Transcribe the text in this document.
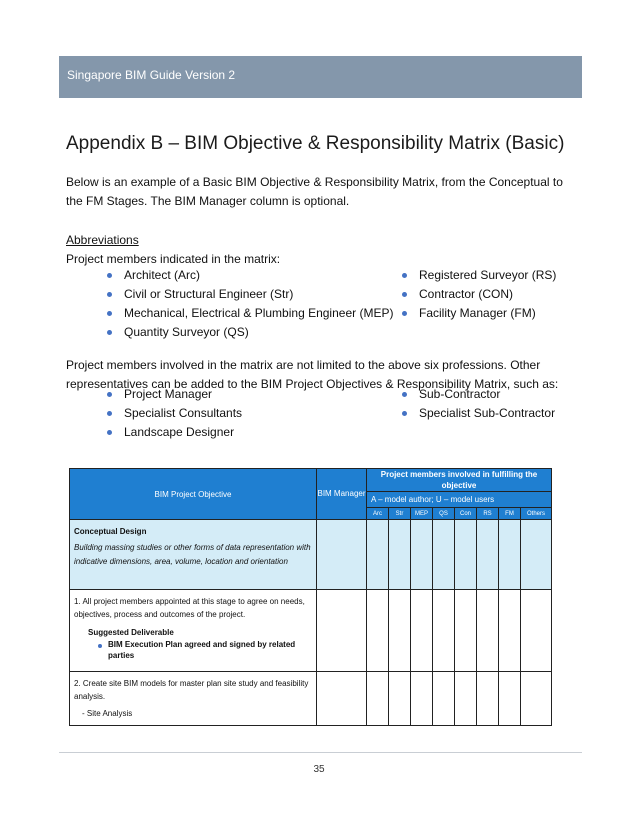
Singapore BIM Guide Version 2
Appendix B – BIM Objective & Responsibility Matrix (Basic)
Below is an example of a Basic BIM Objective & Responsibility Matrix, from the Conceptual to
the FM Stages. The BIM Manager column is optional.
Abbreviations
Project members indicated in the matrix:
Architect (Arc)
Civil or Structural Engineer (Str)
Mechanical, Electrical & Plumbing Engineer (MEP)
Quantity Surveyor (QS)
Registered Surveyor (RS)
Contractor (CON)
Facility Manager (FM)
Project members involved in the matrix are not limited to the above six professions. Other
representatives can be added to the BIM Project Objectives & Responsibility Matrix, such as:
Project Manager
Specialist Consultants
Landscape Designer
Sub-Contractor
Specialist Sub-Contractor
BIM Project Objective	BIM Manager	Project members involved in fulfilling the objective							
		A – model author; U – model users							
		Arc	Str	MEP	QS	Con	RS	FM	Others

Conceptual Design
Building massing studies or other forms of data representation with indicative dimensions, area, volume, location and orientation									

1. All project members appointed at this stage to agree on needs, objectives, process and outcomes of the project.
Suggested Deliverable
BIM Execution Plan agreed and signed by related parties									

2. Create site BIM models for master plan site study and feasibility analysis.
- Site Analysis									

35
